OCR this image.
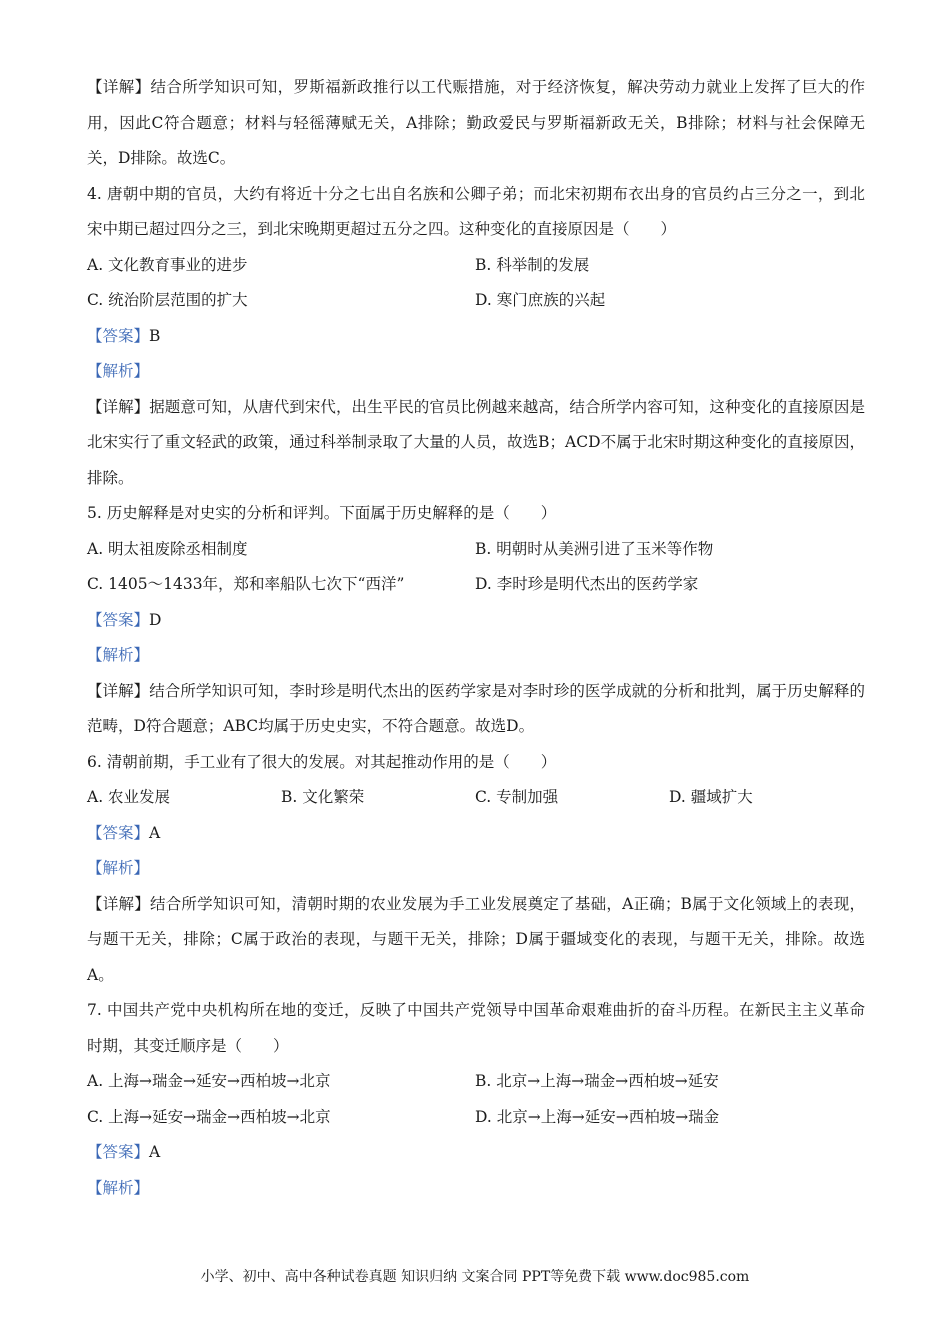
【详解】结合所学知识可知，罗斯福新政推行以工代赈措施，对于经济恢复，解决劳动力就业上发挥了巨大的作用，因此C符合题意；材料与轻徭薄赋无关，A排除；勤政爱民与罗斯福新政无关，B排除；材料与社会保障无关，D排除。故选C。
4. 唐朝中期的官员，大约有将近十分之七出自名族和公卿子弟；而北宋初期布衣出身的官员约占三分之一，到北宋中期已超过四分之三，到北宋晚期更超过五分之四。这种变化的直接原因是（　　）
A. 文化教育事业的进步	B. 科举制的发展
C. 统治阶层范围的扩大	D. 寒门庶族的兴起
【答案】B
【解析】
【详解】据题意可知，从唐代到宋代，出生平民的官员比例越来越高，结合所学内容可知，这种变化的直接原因是北宋实行了重文轻武的政策，通过科举制录取了大量的人员，故选B；ACD不属于北宋时期这种变化的直接原因，排除。
5. 历史解释是对史实的分析和评判。下面属于历史解释的是（　　）
A. 明太祖废除丞相制度	B. 明朝时从美洲引进了玉米等作物
C. 1405～1433年，郑和率船队七次下“西洋”	D. 李时珍是明代杰出的医药学家
【答案】D
【解析】
【详解】结合所学知识可知，李时珍是明代杰出的医药学家是对李时珍的医学成就的分析和批判，属于历史解释的范畴，D符合题意；ABC均属于历史史实，不符合题意。故选D。
6. 清朝前期，手工业有了很大的发展。对其起推动作用的是（　　）
A. 农业发展	B. 文化繁荣	C. 专制加强	D. 疆域扩大
【答案】A
【解析】
【详解】结合所学知识可知，清朝时期的农业发展为手工业发展奠定了基础，A正确；B属于文化领域上的表现，与题干无关，排除；C属于政治的表现，与题干无关，排除；D属于疆域变化的表现，与题干无关，排除。故选A。
7. 中国共产党中央机构所在地的变迁，反映了中国共产党领导中国革命艰难曲折的奋斗历程。在新民主主义革命时期，其变迁顺序是（　　）
A. 上海→瑞金→延安→西柏坡→北京	B. 北京→上海→瑞金→西柏坡→延安
C. 上海→延安→瑞金→西柏坡→北京	D. 北京→上海→延安→西柏坡→瑞金
【答案】A
【解析】
小学、初中、高中各种试卷真题 知识归纳 文案合同 PPT等免费下载 www.doc985.com
